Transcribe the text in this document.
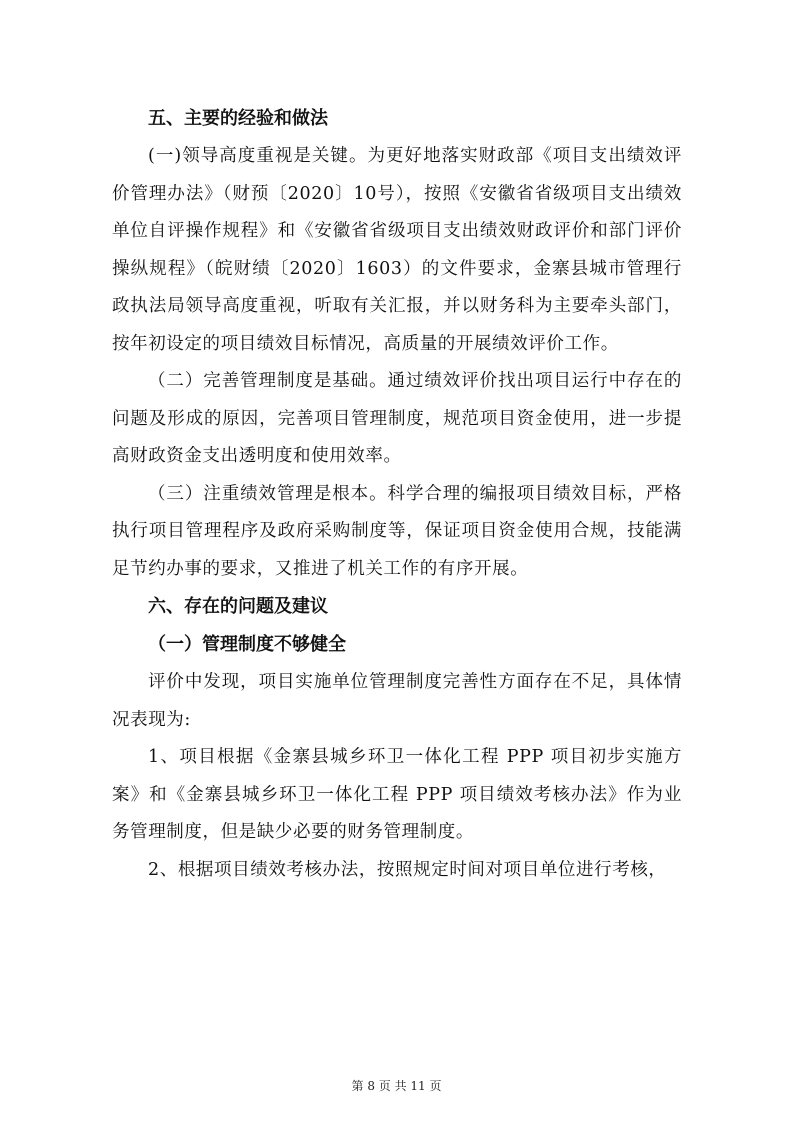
五、主要的经验和做法

(一)领导高度重视是关键。为更好地落实财政部《项目支出绩效评价管理办法》（财预〔2020〕10号），按照《安徽省省级项目支出绩效单位自评操作规程》和《安徽省省级项目支出绩效财政评价和部门评价操纵规程》（皖财绩〔2020〕1603）的文件要求，金寨县城市管理行政执法局领导高度重视，听取有关汇报，并以财务科为主要牵头部门，按年初设定的项目绩效目标情况，高质量的开展绩效评价工作。

（二）完善管理制度是基础。通过绩效评价找出项目运行中存在的问题及形成的原因，完善项目管理制度，规范项目资金使用，进一步提高财政资金支出透明度和使用效率。

（三）注重绩效管理是根本。科学合理的编报项目绩效目标，严格执行项目管理程序及政府采购制度等，保证项目资金使用合规，技能满足节约办事的要求，又推进了机关工作的有序开展。

六、存在的问题及建议

（一）管理制度不够健全

评价中发现，项目实施单位管理制度完善性方面存在不足，具体情况表现为:

1、项目根据《金寨县城乡环卫一体化工程 PPP 项目初步实施方案》和《金寨县城乡环卫一体化工程 PPP 项目绩效考核办法》作为业务管理制度，但是缺少必要的财务管理制度。

2、根据项目绩效考核办法，按照规定时间对项目单位进行考核，

第 8 页 共 11 页
